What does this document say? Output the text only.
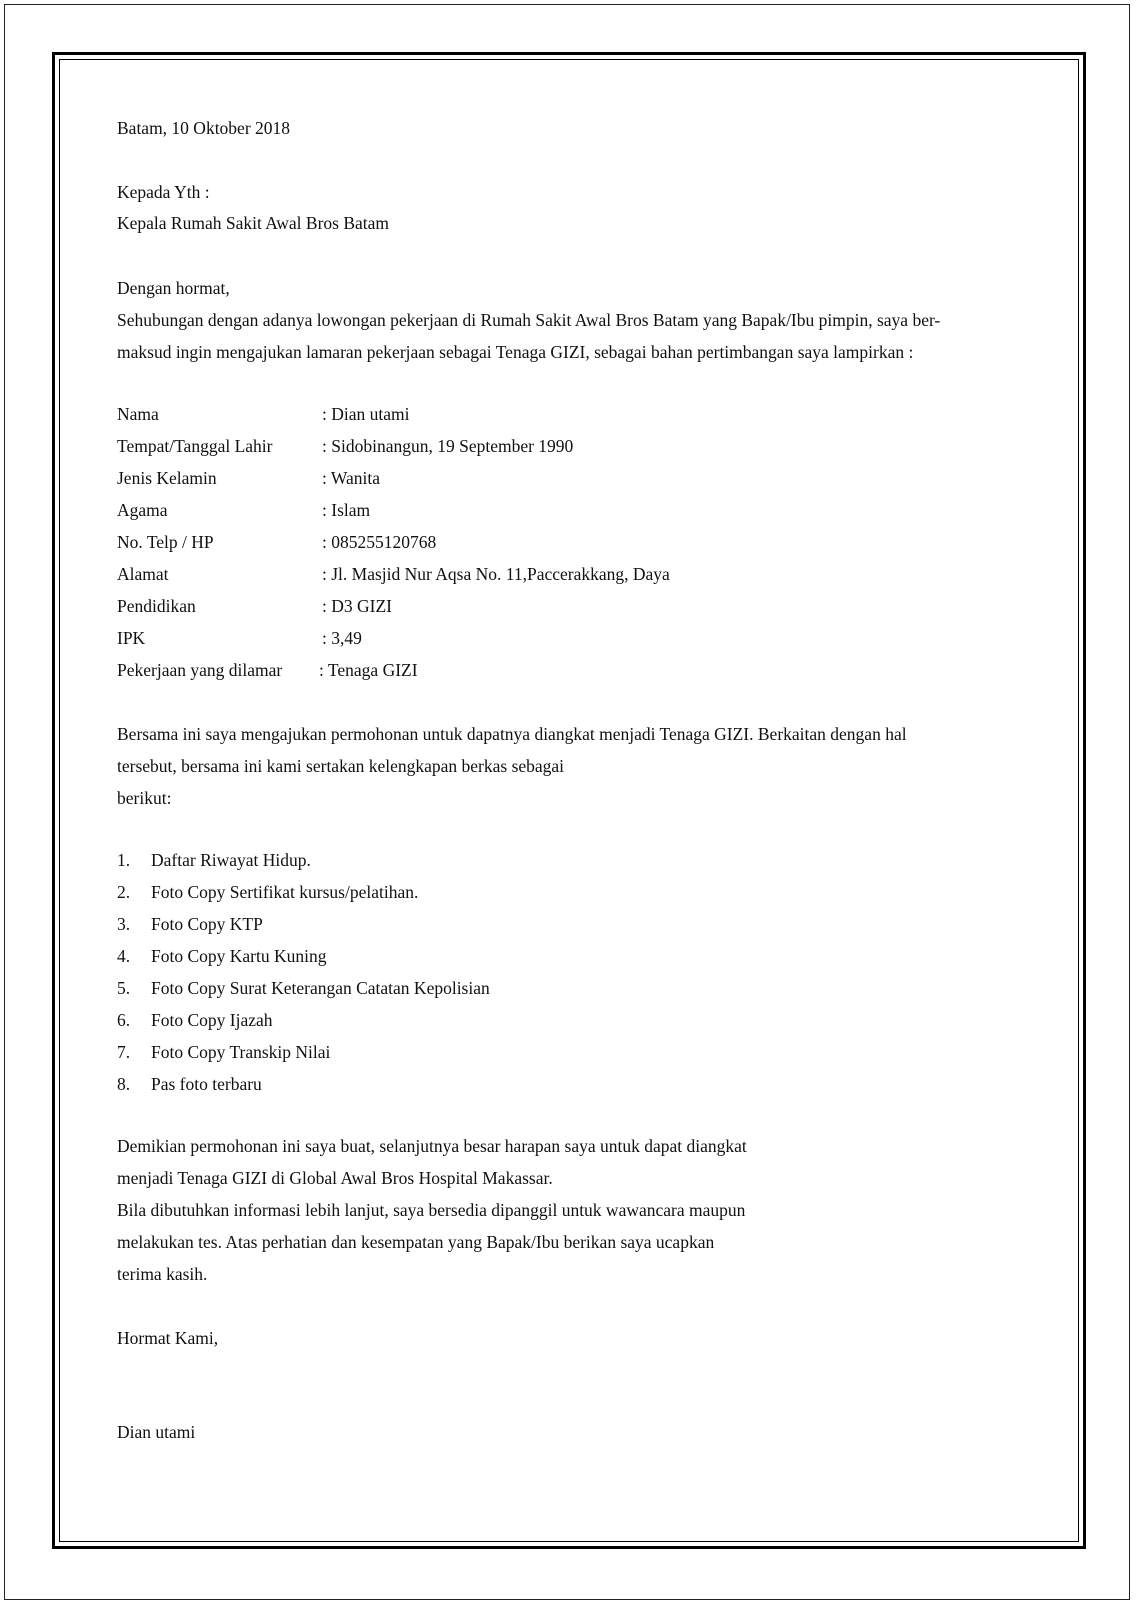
Batam, 10 Oktober 2018
Kepada Yth :
Kepala Rumah Sakit Awal Bros Batam
Dengan hormat,
Sehubungan dengan adanya lowongan pekerjaan di Rumah Sakit Awal Bros Batam yang Bapak/Ibu pimpin, saya ber-
maksud ingin mengajukan lamaran pekerjaan sebagai Tenaga GIZI, sebagai bahan pertimbangan saya lampirkan :
Nama	: Dian utami
Tempat/Tanggal Lahir	: Sidobinangun, 19 September 1990
Jenis Kelamin	: Wanita
Agama	: Islam
No. Telp / HP	: 085255120768
Alamat	: Jl. Masjid Nur Aqsa No. 11,Paccerakkang, Daya
Pendidikan	: D3 GIZI
IPK	: 3,49
Pekerjaan yang dilamar : Tenaga GIZI
Bersama ini saya mengajukan permohonan untuk dapatnya diangkat menjadi Tenaga GIZI. Berkaitan dengan hal
tersebut, bersama ini kami sertakan kelengkapan berkas sebagai
berikut:
1. Daftar Riwayat Hidup.
2. Foto Copy Sertifikat kursus/pelatihan.
3. Foto Copy KTP
4. Foto Copy Kartu Kuning
5. Foto Copy Surat Keterangan Catatan Kepolisian
6. Foto Copy Ijazah
7. Foto Copy Transkip Nilai
8. Pas foto terbaru
Demikian permohonan ini saya buat, selanjutnya besar harapan saya untuk dapat diangkat
menjadi Tenaga GIZI di Global Awal Bros Hospital Makassar.
Bila dibutuhkan informasi lebih lanjut, saya bersedia dipanggil untuk wawancara maupun
melakukan tes. Atas perhatian dan kesempatan yang Bapak/Ibu berikan saya ucapkan
terima kasih.
Hormat Kami,
Dian utami
